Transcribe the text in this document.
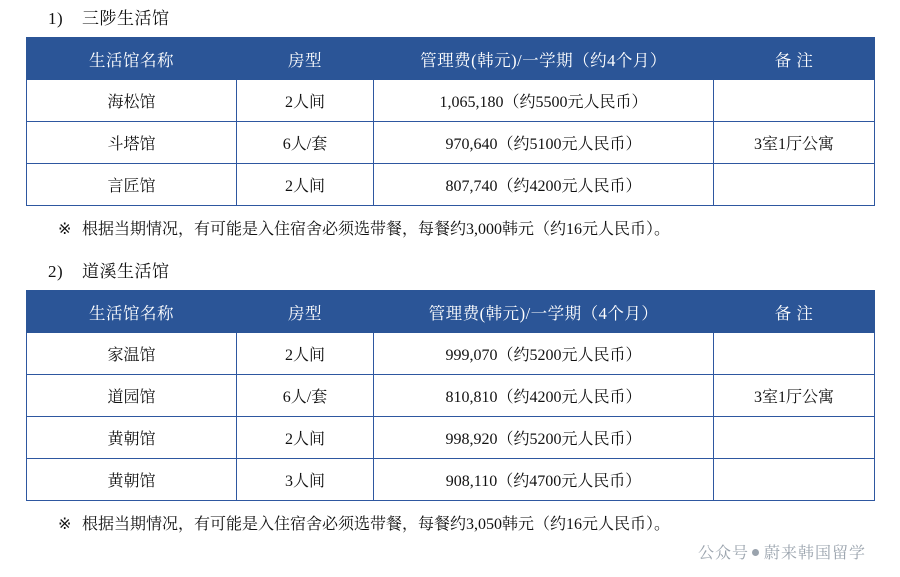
1) 三陟生活馆
生活馆名称	房型	管理费(韩元)/一学期（约4个月）	备 注
海松馆	2人间	1,065,180（约5500元人民币）	
斗塔馆	6人/套	970,640（约5100元人民币）	3室1厅公寓
言匠馆	2人间	807,740（约4200元人民币）	
※ 根据当期情况，有可能是入住宿舍必须选带餐，每餐约3,000韩元（约16元人民币）。
2) 道溪生活馆
生活馆名称	房型	管理费(韩元)/一学期（4个月）	备 注
家温馆	2人间	999,070（约5200元人民币）	
道园馆	6人/套	810,810（约4200元人民币）	3室1厅公寓
黄朝馆	2人间	998,920（约5200元人民币）	
黄朝馆	3人间	908,110（约4700元人民币）	
※ 根据当期情况，有可能是入住宿舍必须选带餐，每餐约3,050韩元（约16元人民币）。
公众号 蔚来韩国留学
